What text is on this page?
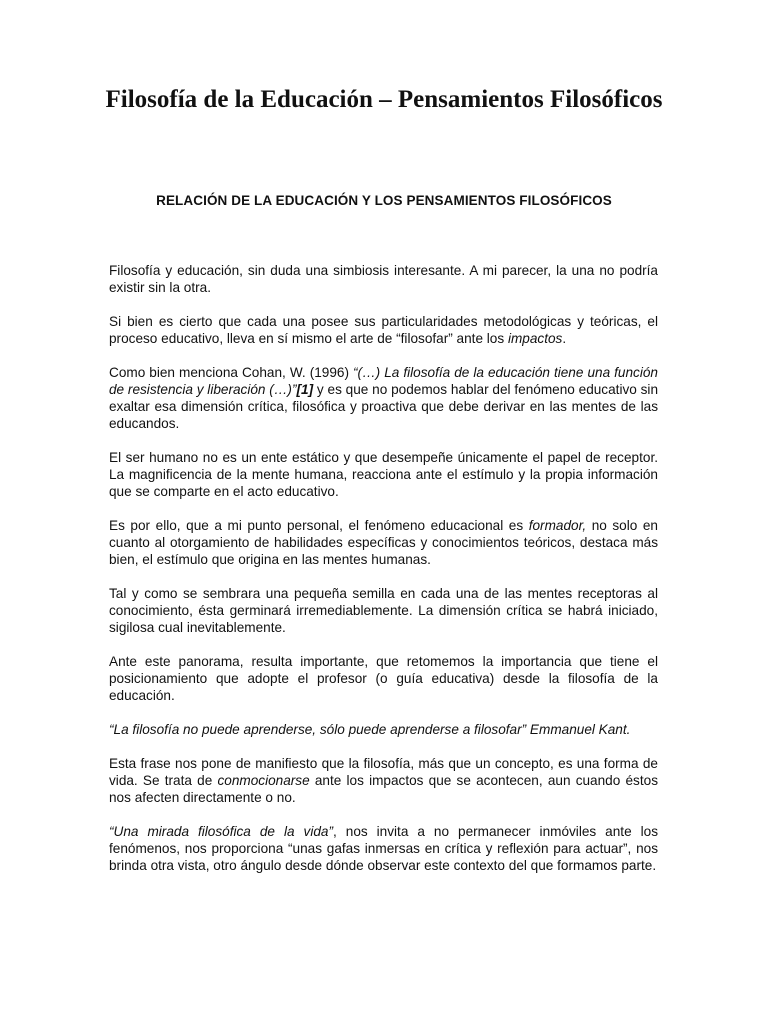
Filosofía de la Educación – Pensamientos Filosóficos
RELACIÓN DE LA EDUCACIÓN Y LOS PENSAMIENTOS FILOSÓFICOS

Filosofía y educación, sin duda una simbiosis interesante. A mi parecer, la una no podría existir sin la otra.

Si bien es cierto que cada una posee sus particularidades metodológicas y teóricas, el proceso educativo, lleva en sí mismo el arte de “filosofar” ante los impactos.

Como bien menciona Cohan, W. (1996) “(…) La filosofía de la educación tiene una función de resistencia y liberación (…)”[1] y es que no podemos hablar del fenómeno educativo sin exaltar esa dimensión crítica, filosófica y proactiva que debe derivar en las mentes de las educandos.

El ser humano no es un ente estático y que desempeñe únicamente el papel de receptor. La magnificencia de la mente humana, reacciona ante el estímulo y la propia información que se comparte en el acto educativo.

Es por ello, que a mi punto personal, el fenómeno educacional es formador, no solo en cuanto al otorgamiento de habilidades específicas y conocimientos teóricos, destaca más bien, el estímulo que origina en las mentes humanas.

Tal y como se sembrara una pequeña semilla en cada una de las mentes receptoras al conocimiento, ésta germinará irremediablemente. La dimensión crítica se habrá iniciado, sigilosa cual inevitablemente.

Ante este panorama, resulta importante, que retomemos la importancia que tiene el posicionamiento que adopte el profesor (o guía educativa) desde la filosofía de la educación.

“La filosofía no puede aprenderse, sólo puede aprenderse a filosofar” Emmanuel Kant.

Esta frase nos pone de manifiesto que la filosofía, más que un concepto, es una forma de vida. Se trata de conmocionarse ante los impactos que se acontecen, aun cuando éstos nos afecten directamente o no.

“Una mirada filosófica de la vida”, nos invita a no permanecer inmóviles ante los fenómenos, nos proporciona “unas gafas inmersas en crítica y reflexión para actuar”, nos brinda otra vista, otro ángulo desde dónde observar este contexto del que formamos parte.
